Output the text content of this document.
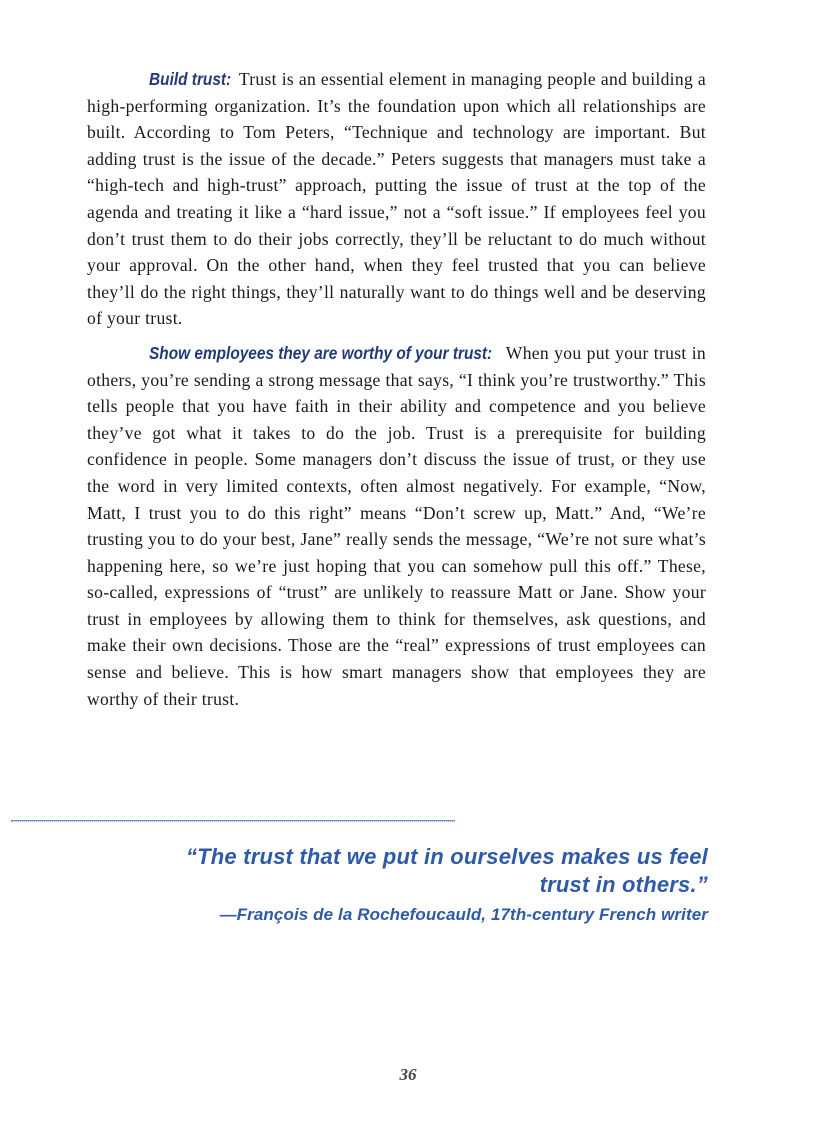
Build trust: Trust is an essential element in managing people and building a high-performing organization. It’s the foundation upon which all relationships are built. According to Tom Peters, “Technique and technology are important. But adding trust is the issue of the decade.” Peters suggests that managers must take a “high-tech and high-trust” approach, putting the issue of trust at the top of the agenda and treating it like a “hard issue,” not a “soft issue.” If employees feel you don’t trust them to do their jobs correctly, they’ll be reluctant to do much without your approval. On the other hand, when they feel trusted that you can believe they’ll do the right things, they’ll naturally want to do things well and be deserving of your trust.

Show employees they are worthy of your trust: When you put your trust in others, you’re sending a strong message that says, “I think you’re trustworthy.” This tells people that you have faith in their ability and competence and you believe they’ve got what it takes to do the job. Trust is a prerequisite for building confidence in people. Some managers don’t discuss the issue of trust, or they use the word in very limited contexts, often almost negatively. For example, “Now, Matt, I trust you to do this right” means “Don’t screw up, Matt.” And, “We’re trusting you to do your best, Jane” really sends the message, “We’re not sure what’s happening here, so we’re just hoping that you can somehow pull this off.” These, so-called, expressions of “trust” are unlikely to reassure Matt or Jane. Show your trust in employees by allowing them to think for themselves, ask questions, and make their own decisions. Those are the “real” expressions of trust employees can sense and believe. This is how smart managers show that employees they are worthy of their trust.

“The trust that we put in ourselves makes us feel

trust in others.”

—François de la Rochefoucauld, 17th-century French writer

36
